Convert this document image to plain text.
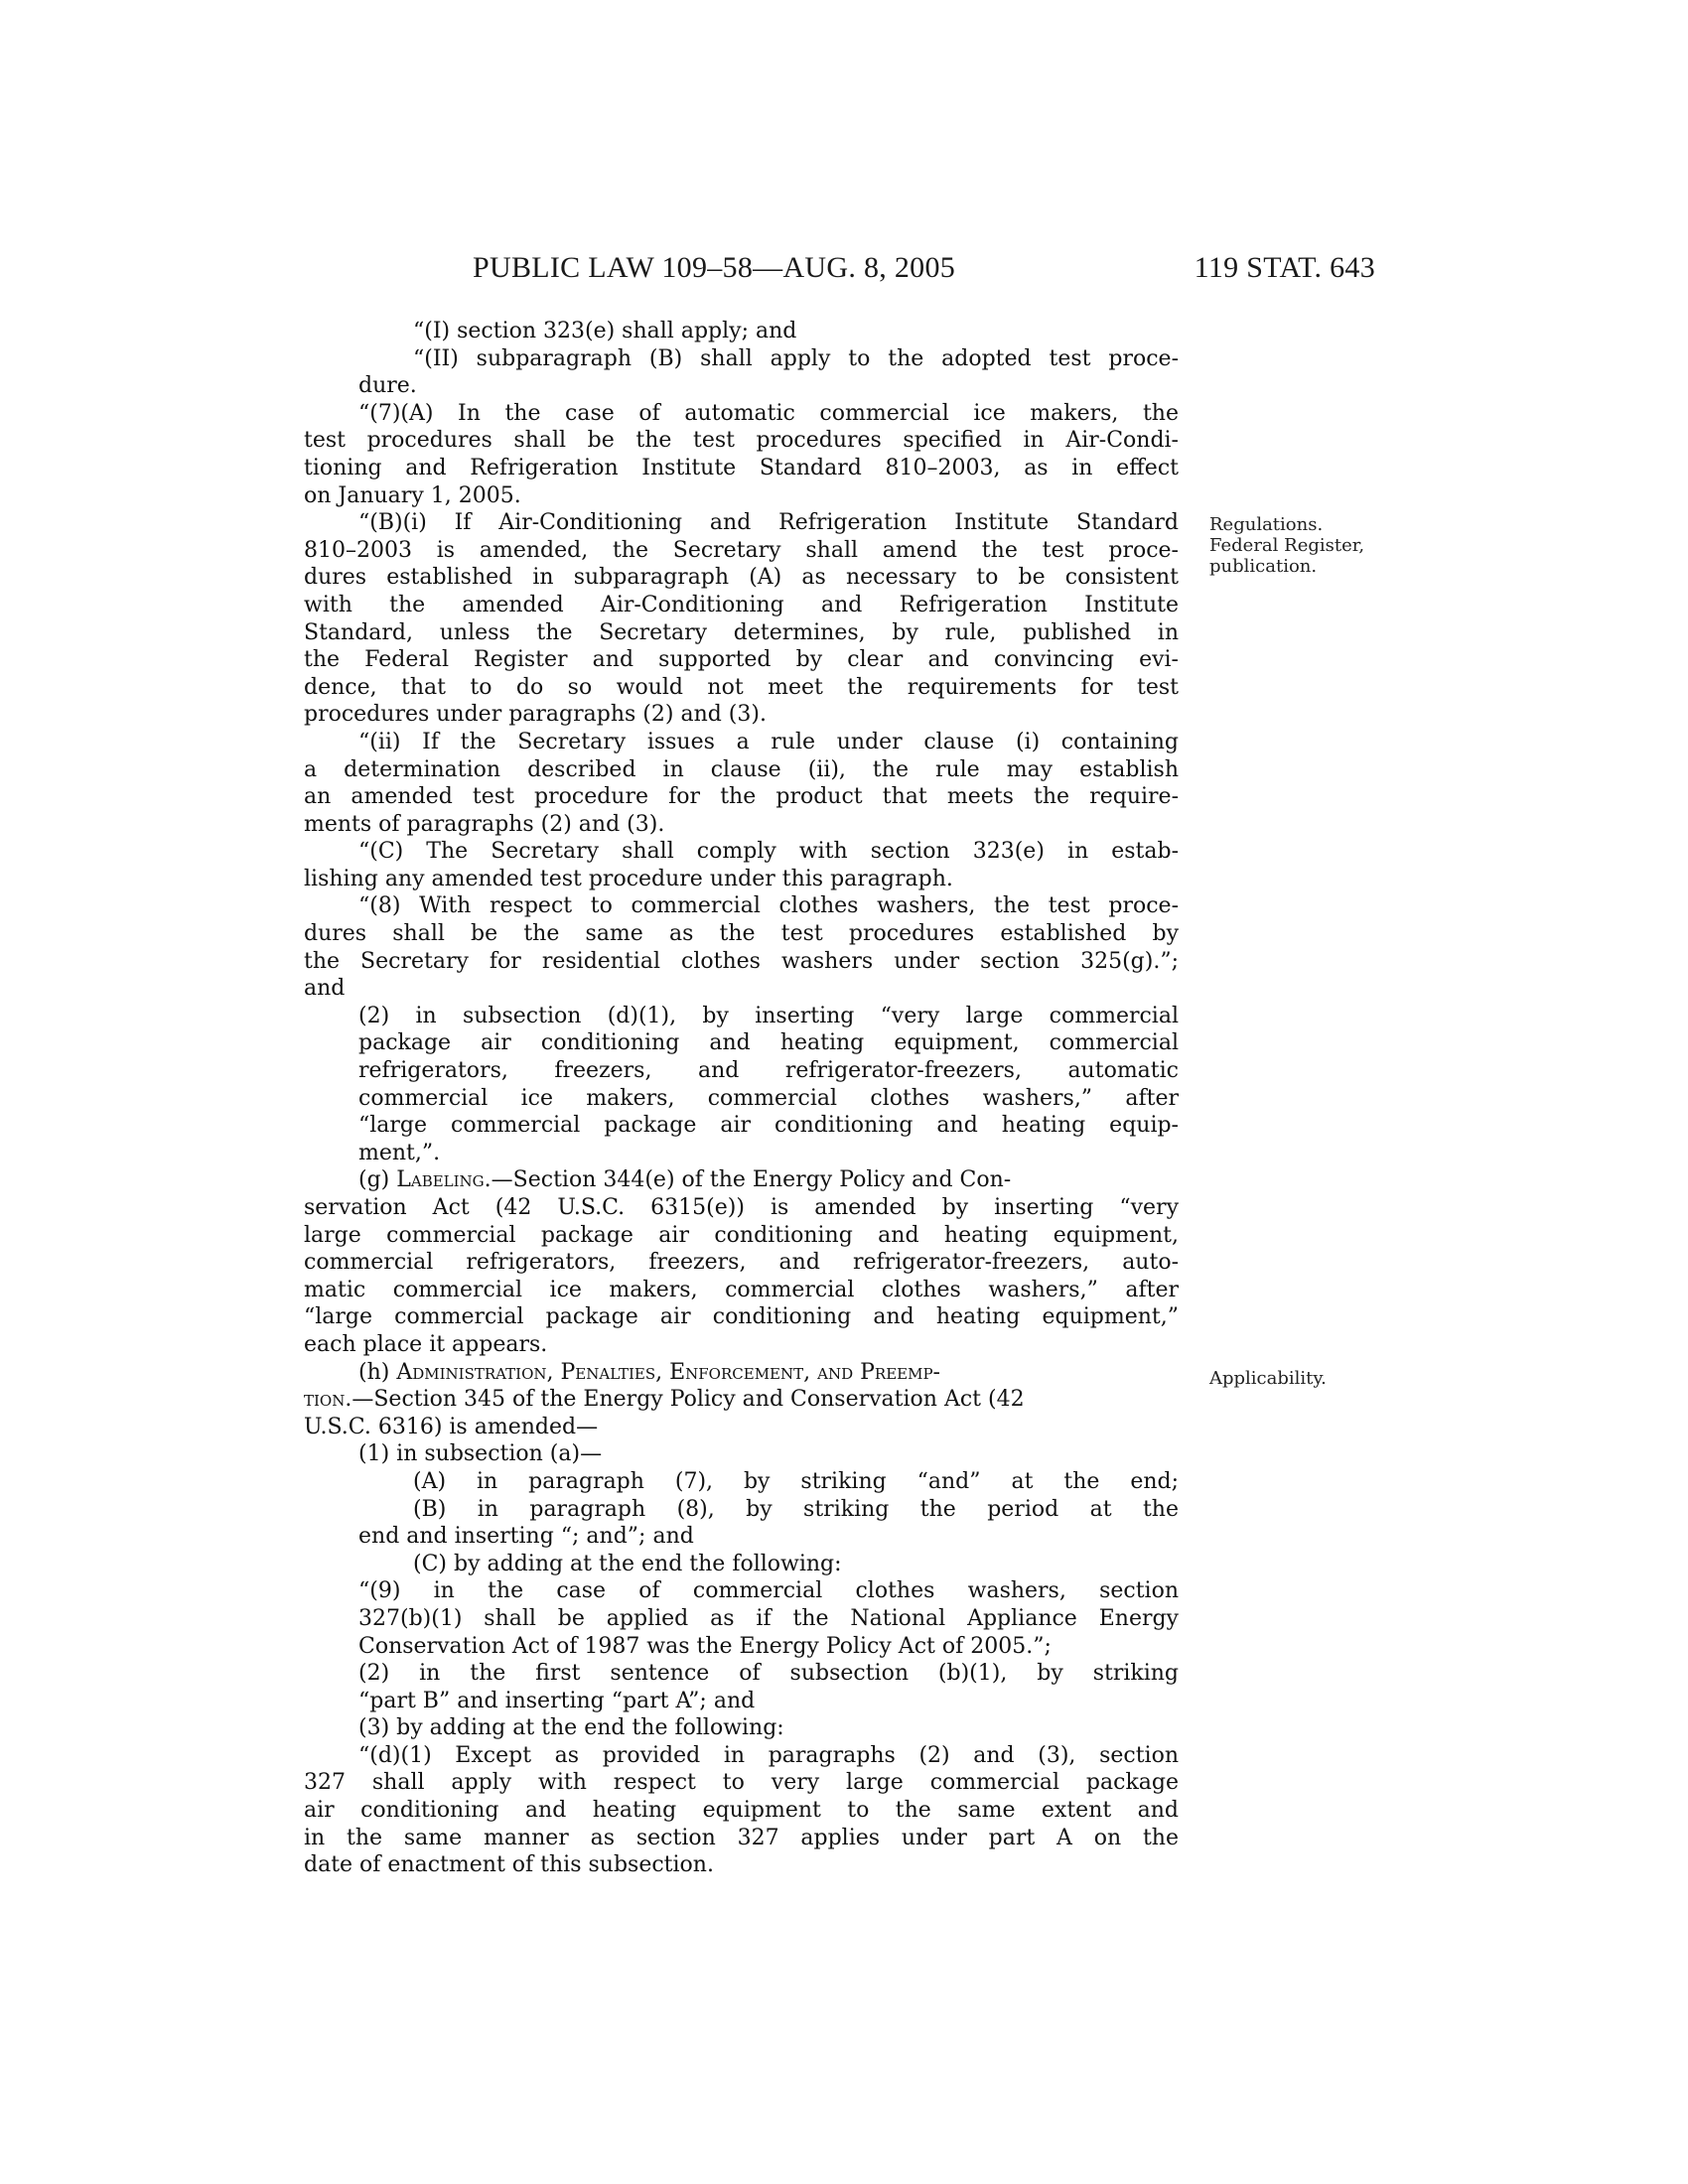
PUBLIC LAW 109–58—AUG. 8, 2005	119 STAT. 643
Regulations.
Federal Register,
publication.
Applicability.
“(I) section 323(e) shall apply; and
“(II) subparagraph (B) shall apply to the adopted test proce-
dure.
“(7)(A) In the case of automatic commercial ice makers, the
test procedures shall be the test procedures specified in Air-Condi-
tioning and Refrigeration Institute Standard 810–2003, as in effect
on January 1, 2005.
“(B)(i) If Air-Conditioning and Refrigeration Institute Standard
810–2003 is amended, the Secretary shall amend the test proce-
dures established in subparagraph (A) as necessary to be consistent
with the amended Air-Conditioning and Refrigeration Institute
Standard, unless the Secretary determines, by rule, published in
the Federal Register and supported by clear and convincing evi-
dence, that to do so would not meet the requirements for test
procedures under paragraphs (2) and (3).
“(ii) If the Secretary issues a rule under clause (i) containing
a determination described in clause (ii), the rule may establish
an amended test procedure for the product that meets the require-
ments of paragraphs (2) and (3).
“(C) The Secretary shall comply with section 323(e) in estab-
lishing any amended test procedure under this paragraph.
“(8) With respect to commercial clothes washers, the test proce-
dures shall be the same as the test procedures established by
the Secretary for residential clothes washers under section 325(g).”;
and
(2) in subsection (d)(1), by inserting “very large commercial
package air conditioning and heating equipment, commercial
refrigerators, freezers, and refrigerator-freezers, automatic
commercial ice makers, commercial clothes washers,” after
“large commercial package air conditioning and heating equip-
ment,”.
(g) Labeling.—Section 344(e) of the Energy Policy and Con-
servation Act (42 U.S.C. 6315(e)) is amended by inserting “very
large commercial package air conditioning and heating equipment,
commercial refrigerators, freezers, and refrigerator-freezers, auto-
matic commercial ice makers, commercial clothes washers,” after
“large commercial package air conditioning and heating equipment,”
each place it appears.
(h) Administration, Penalties, Enforcement, and Preemp-
tion.—Section 345 of the Energy Policy and Conservation Act (42
U.S.C. 6316) is amended—
(1) in subsection (a)—
(A) in paragraph (7), by striking “and” at the end;
(B) in paragraph (8), by striking the period at the
end and inserting “; and”; and
(C) by adding at the end the following:
“(9) in the case of commercial clothes washers, section
327(b)(1) shall be applied as if the National Appliance Energy
Conservation Act of 1987 was the Energy Policy Act of 2005.”;
(2) in the first sentence of subsection (b)(1), by striking
“part B” and inserting “part A”; and
(3) by adding at the end the following:
“(d)(1) Except as provided in paragraphs (2) and (3), section
327 shall apply with respect to very large commercial package
air conditioning and heating equipment to the same extent and
in the same manner as section 327 applies under part A on the
date of enactment of this subsection.
